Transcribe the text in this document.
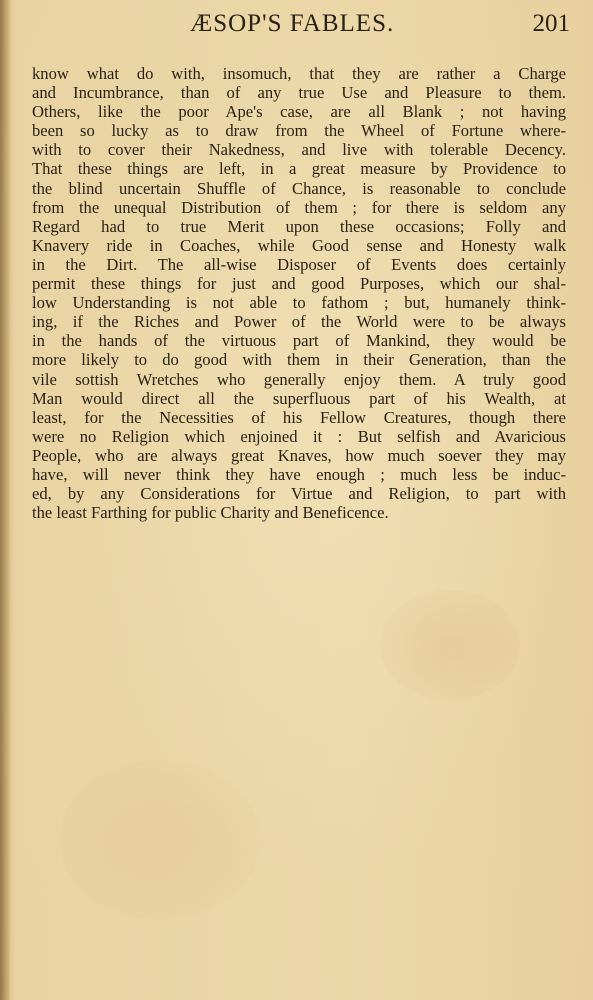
ÆSOP'S FABLES.	201
know what do with, insomuch, that they are rather a Charge
and Incumbrance, than of any true Use and Pleasure to them.
Others, like the poor Ape's case, are all Blank ; not having
been so lucky as to draw from the Wheel of Fortune where-
with to cover their Nakedness, and live with tolerable Decency.
That these things are left, in a great measure by Providence to
the blind uncertain Shuffle of Chance, is reasonable to conclude
from the unequal Distribution of them ; for there is seldom any
Regard had to true Merit upon these occasions; Folly and
Knavery ride in Coaches, while Good sense and Honesty walk
in the Dirt. The all-wise Disposer of Events does certainly
permit these things for just and good Purposes, which our shal-
low Understanding is not able to fathom ; but, humanely think-
ing, if the Riches and Power of the World were to be always
in the hands of the virtuous part of Mankind, they would be
more likely to do good with them in their Generation, than the
vile sottish Wretches who generally enjoy them. A truly good
Man would direct all the superfluous part of his Wealth, at
least, for the Necessities of his Fellow Creatures, though there
were no Religion which enjoined it : But selfish and Avaricious
People, who are always great Knaves, how much soever they may
have, will never think they have enough ; much less be induc-
ed, by any Considerations for Virtue and Religion, to part with
the least Farthing for public Charity and Beneficence.
